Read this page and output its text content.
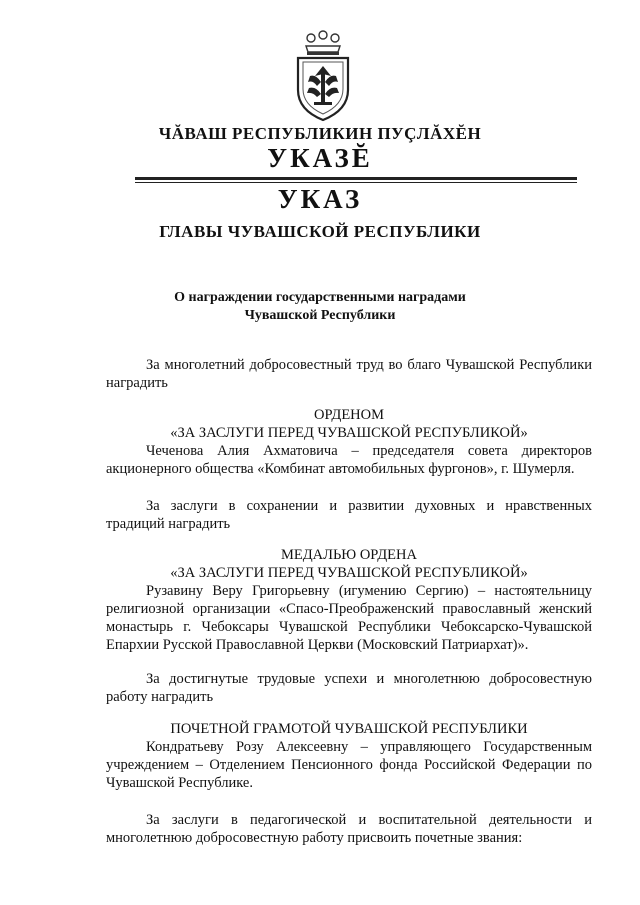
ЧĂВАШ РЕСПУБЛИКИН ПУÇЛĂХĔН
УКАЗĔ
УКАЗ
ГЛАВЫ ЧУВАШСКОЙ РЕСПУБЛИКИ
О награждении государственными наградами
Чувашской Республики

За многолетний добросовестный труд во благо Чувашской Республики наградить

ОРДЕНОМ

«ЗА ЗАСЛУГИ ПЕРЕД ЧУВАШСКОЙ РЕСПУБЛИКОЙ»

Чеченова Алия Ахматовича – председателя совета директоров акционерного общества «Комбинат автомобильных фургонов», г. Шумерля.

За заслуги в сохранении и развитии духовных и нравственных традиций наградить

МЕДАЛЬЮ ОРДЕНА

«ЗА ЗАСЛУГИ ПЕРЕД ЧУВАШСКОЙ РЕСПУБЛИКОЙ»

Рузавину Веру Григорьевну (игумению Сергию) – настоятельницу религиозной организации «Спасо-Преображенский православный женский монастырь г. Чебоксары Чувашской Республики Чебоксарско-Чувашской Епархии Русской Православной Церкви (Московский Патриархат)».

За достигнутые трудовые успехи и многолетнюю добросовестную работу наградить

ПОЧЕТНОЙ ГРАМОТОЙ ЧУВАШСКОЙ РЕСПУБЛИКИ

Кондратьеву Розу Алексеевну – управляющего Государственным учреждением – Отделением Пенсионного фонда Российской Федерации по Чувашской Республике.

За заслуги в педагогической и воспитательной деятельности и многолетнюю добросовестную работу присвоить почетные звания:
